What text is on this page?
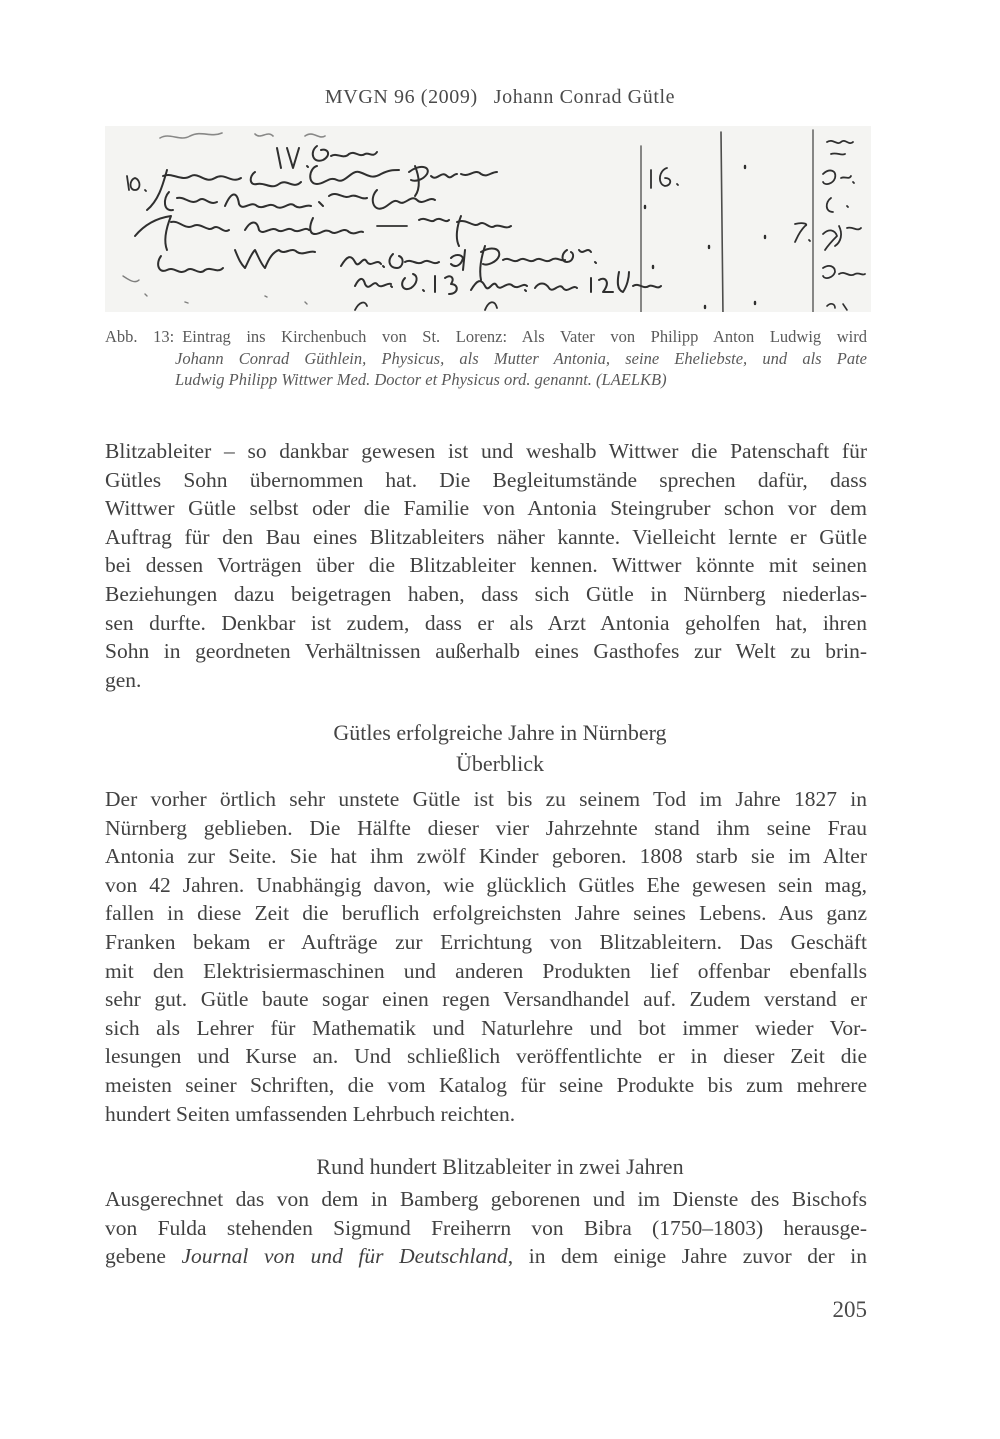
MVGN 96 (2009) Johann Conrad Gütle
Abb. 13: Eintrag ins Kirchenbuch von St. Lorenz: Als Vater von Philipp Anton Ludwig wird
Johann Conrad Güthlein, Physicus, als Mutter Antonia, seine Eheliebste, und als Pate
Ludwig Philipp Wittwer Med. Doctor et Physicus ord. genannt. (LAELKB)
Blitzableiter – so dankbar gewesen ist und weshalb Wittwer die Patenschaft für
Gütles Sohn übernommen hat. Die Begleitumstände sprechen dafür, dass
Wittwer Gütle selbst oder die Familie von Antonia Steingruber schon vor dem
Auftrag für den Bau eines Blitzableiters näher kannte. Vielleicht lernte er Gütle
bei dessen Vorträgen über die Blitzableiter kennen. Wittwer könnte mit seinen
Beziehungen dazu beigetragen haben, dass sich Gütle in Nürnberg niederlas-
sen durfte. Denkbar ist zudem, dass er als Arzt Antonia geholfen hat, ihren
Sohn in geordneten Verhältnissen außerhalb eines Gasthofes zur Welt zu brin-
gen.
Gütles erfolgreiche Jahre in Nürnberg
Überblick
Der vorher örtlich sehr unstete Gütle ist bis zu seinem Tod im Jahre 1827 in
Nürnberg geblieben. Die Hälfte dieser vier Jahrzehnte stand ihm seine Frau
Antonia zur Seite. Sie hat ihm zwölf Kinder geboren. 1808 starb sie im Alter
von 42 Jahren. Unabhängig davon, wie glücklich Gütles Ehe gewesen sein mag,
fallen in diese Zeit die beruflich erfolgreichsten Jahre seines Lebens. Aus ganz
Franken bekam er Aufträge zur Errichtung von Blitzableitern. Das Geschäft
mit den Elektrisiermaschinen und anderen Produkten lief offenbar ebenfalls
sehr gut. Gütle baute sogar einen regen Versandhandel auf. Zudem verstand er
sich als Lehrer für Mathematik und Naturlehre und bot immer wieder Vor-
lesungen und Kurse an. Und schließlich veröffentlichte er in dieser Zeit die
meisten seiner Schriften, die vom Katalog für seine Produkte bis zum mehrere
hundert Seiten umfassenden Lehrbuch reichten.
Rund hundert Blitzableiter in zwei Jahren
Ausgerechnet das von dem in Bamberg geborenen und im Dienste des Bischofs
von Fulda stehenden Sigmund Freiherrn von Bibra (1750–1803) herausge-
gebene Journal von und für Deutschland, in dem einige Jahre zuvor der in
205
